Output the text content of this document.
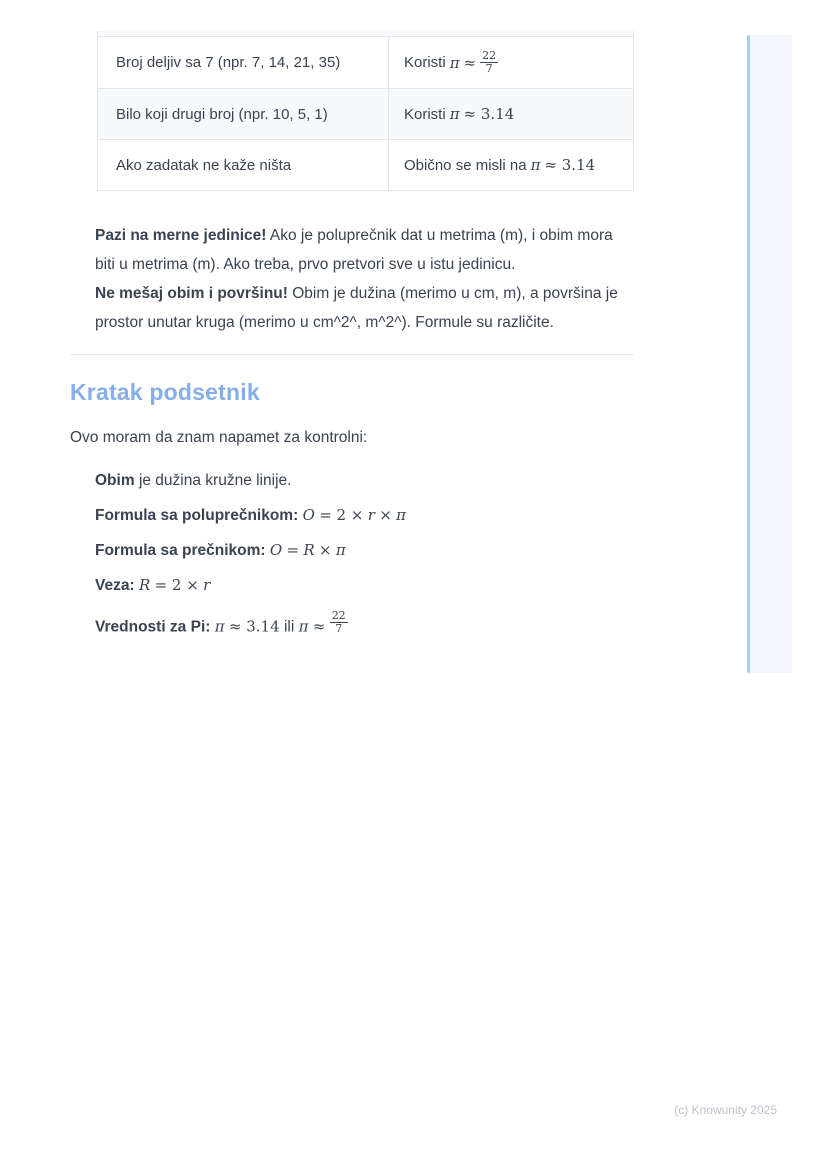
Broj deljiv sa 7 (npr. 7, 14, 21, 35)	Koristi $\pi \approx \frac{22}{7}$
Bilo koji drugi broj (npr. 10, 5, 1)	Koristi π ≈ 3.14
Ako zadatak ne kaže ništa	Obično se misli na π ≈ 3.14
Pazi na merne jedinice! Ako je poluprečnik dat u metrima (m), i obim mora biti u metrima (m). Ako treba, prvo pretvori sve u istu jedinicu.
Ne mešaj obim i površinu! Obim je dužina (merimo u cm, m), a površina je prostor unutar kruga (merimo u cm^2^, m^2^). Formule su različite.
Kratak podsetnik

Ovo moram da znam napamet za kontrolni:

Obim je dužina kružne linije.
Formula sa poluprečnikom: O = 2 × r × π
Formula sa prečnikom: O = R × π
Veza: R = 2 × r
Vrednosti za Pi: π ≈ 3.14 ili $\pi \approx \frac{22}{7}$
(c) Knowunity 2025
